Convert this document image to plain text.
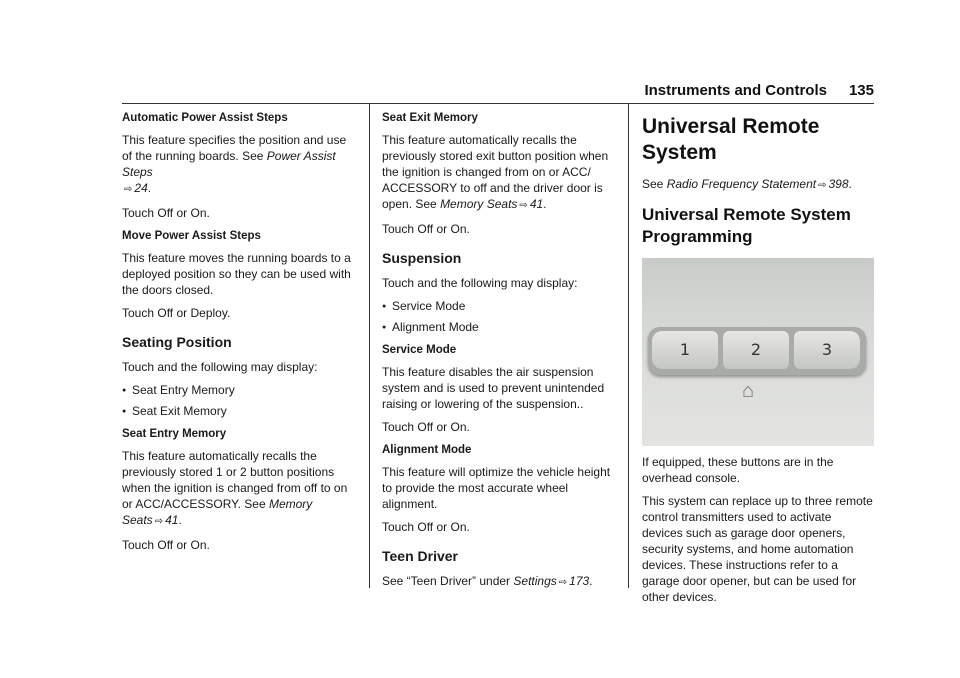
Instruments and Controls 135
Automatic Power Assist Steps

This feature specifies the position and use of the running boards. See Power Assist Steps
⇨ 24.

Touch Off or On.

Move Power Assist Steps

This feature moves the running boards to a deployed position so they can be used with the doors closed.

Touch Off or Deploy.

Seating Position

Touch and the following may display:

● Seat Entry Memory
● Seat Exit Memory
Seat Entry Memory

This feature automatically recalls the previously stored 1 or 2 button positions when the ignition is changed from off to on or ACC/ACCESSORY. See Memory Seats ⇨ 41.

Touch Off or On.

Seat Exit Memory

This feature automatically recalls the previously stored exit button position when the ignition is changed from on or ACC/ ACCESSORY to off and the driver door is open. See Memory Seats ⇨ 41.

Touch Off or On.

Suspension

Touch and the following may display:

● Service Mode
● Alignment Mode
Service Mode

This feature disables the air suspension system and is used to prevent unintended raising or lowering of the suspension..

Touch Off or On.

Alignment Mode

This feature will optimize the vehicle height to provide the most accurate wheel alignment.

Touch Off or On.

Teen Driver

See “Teen Driver” under Settings ⇨ 173.

Universal Remote System

See Radio Frequency Statement ⇨ 398.

Universal Remote System Programming
1	2	3
⌂

If equipped, these buttons are in the overhead console.

This system can replace up to three remote control transmitters used to activate devices such as garage door openers, security systems, and home automation devices. These instructions refer to a garage door opener, but can be used for other devices.
